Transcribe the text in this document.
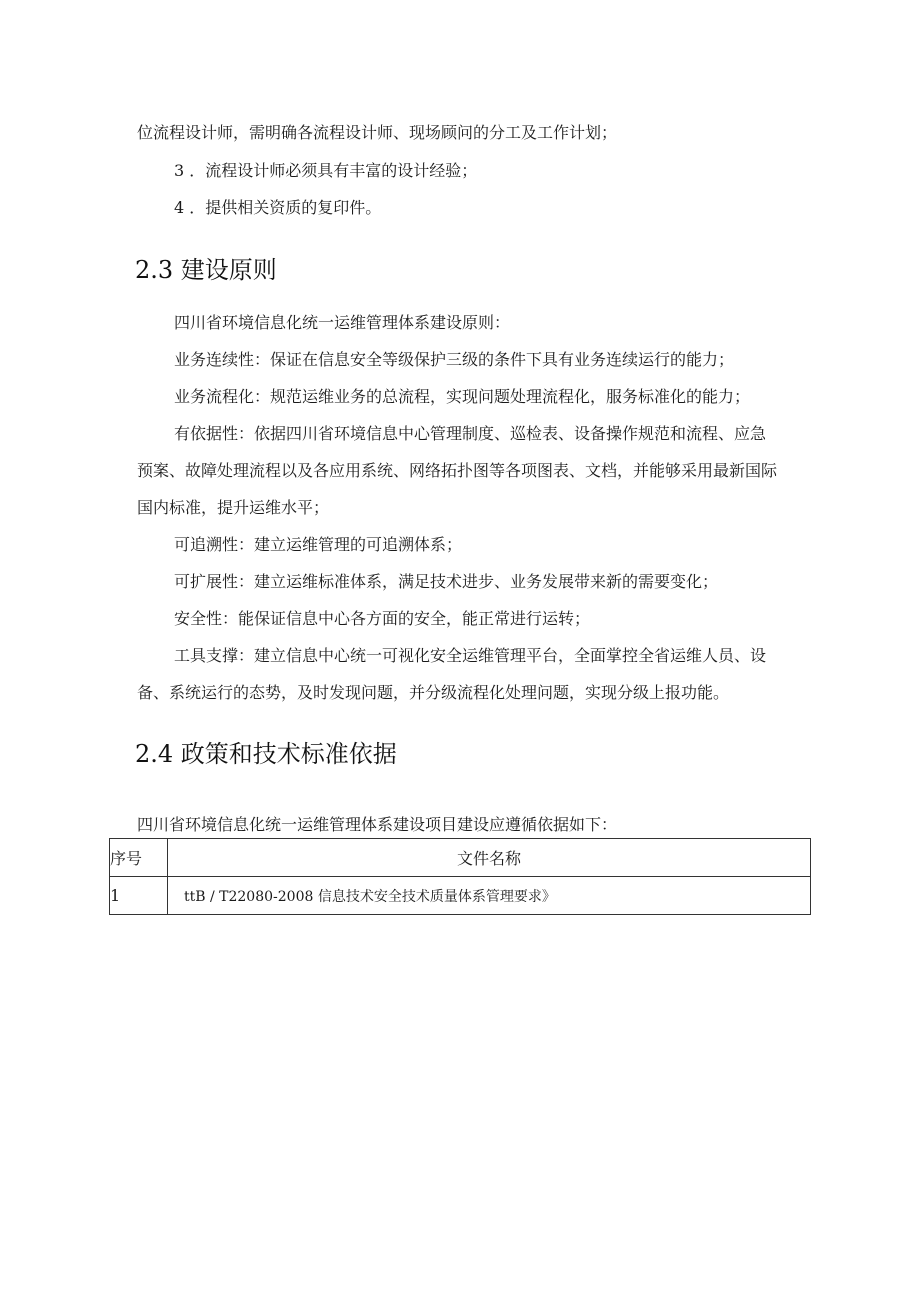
位流程设计师，需明确各流程设计师、现场顾问的分工及工作计划；
3 ．流程设计师必须具有丰富的设计经验；
4 ．提供相关资质的复印件。
2.3 建设原则
四川省环境信息化统一运维管理体系建设原则：
业务连续性：保证在信息安全等级保护三级的条件下具有业务连续运行的能力；
业务流程化：规范运维业务的总流程，实现问题处理流程化，服务标准化的能力；
有依据性：依据四川省环境信息中心管理制度、巡检表、设备操作规范和流程、应急
预案、故障处理流程以及各应用系统、网络拓扑图等各项图表、文档，并能够采用最新国际
国内标准，提升运维水平；
可追溯性：建立运维管理的可追溯体系；
可扩展性：建立运维标准体系，满足技术进步、业务发展带来新的需要变化；
安全性：能保证信息中心各方面的安全，能正常进行运转；
工具支撑：建立信息中心统一可视化安全运维管理平台，全面掌控全省运维人员、设
备、系统运行的态势，及时发现问题，并分级流程化处理问题，实现分级上报功能。
2.4 政策和技术标准依据
四川省环境信息化统一运维管理体系建设项目建设应遵循依据如下：
序号	文件名称
1	ttB / T22080-2008 信息技术安全技术质量体系管理要求》
